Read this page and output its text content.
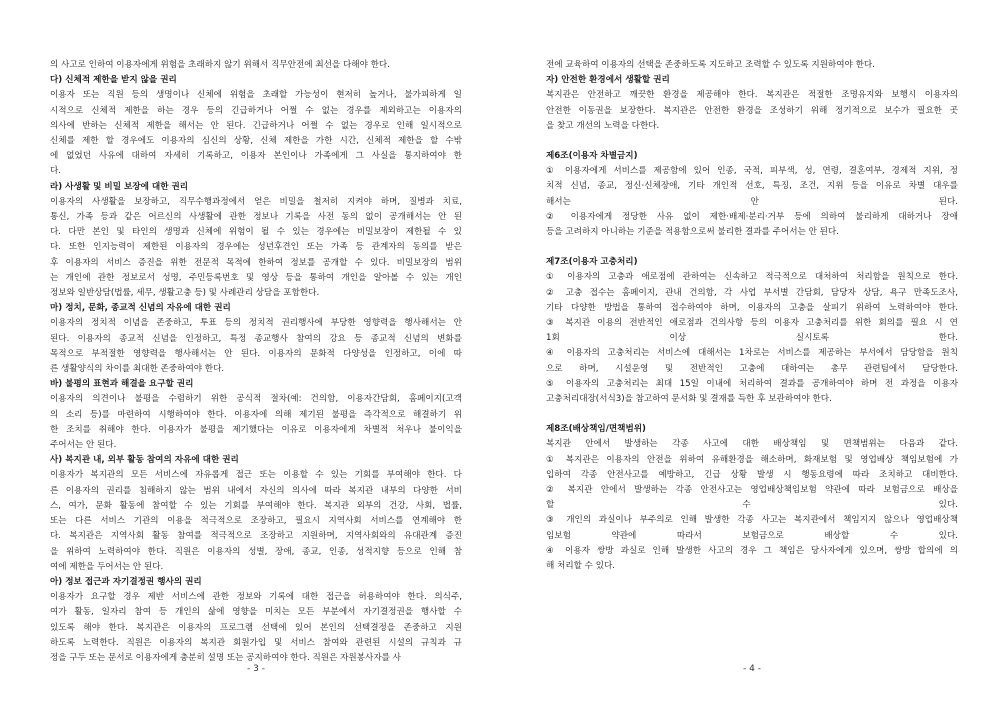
의 사고로 인하여 이용자에게 위험을 초래하지 않기 위해서 직무안전에 최선을 다해야 한다.
다) 신체적 제한을 받지 않을 권리
이용자 또는 직원 등의 생명이나 신체에 위험을 초래할 가능성이 현저히 높거나, 불가피하게 일
시적으로 신체적 제한을 하는 경우 등의 긴급하거나 어쩔 수 없는 경우를 제외하고는 이용자의
의사에 반하는 신체적 제한을 해서는 안 된다. 긴급하거나 어쩔 수 없는 경우로 인해 일시적으로
신체를 제한 할 경우에도 이용자의 심신의 상황, 신체 제한을 가한 시간, 신체적 제한을 할 수밖
에 없었던 사유에 대하여 자세히 기록하고, 이용자 본인이나 가족에게 그 사실을 통지하여야 한
다.
라) 사생활 및 비밀 보장에 대한 권리
이용자의 사생활을 보장하고, 직무수행과정에서 얻은 비밀을 철저히 지켜야 하며, 질병과 치료,
통신, 가족 등과 같은 어르신의 사생활에 관한 정보나 기록을 사전 동의 없이 공개해서는 안 된
다. 다만 본인 및 타인의 생명과 신체에 위험이 될 수 있는 경우에는 비밀보장이 제한될 수 있
다. 또한 인지능력이 제한된 이용자의 경우에는 성년후견인 또는 가족 등 관계자의 동의를 받은
후 이용자의 서비스 증진을 위한 전문적 목적에 한하여 정보를 공개할 수 있다. 비밀보장의 범위
는 개인에 관한 정보로서 성명, 주민등록번호 및 영상 등을 통하여 개인을 알아볼 수 있는 개인
정보와 일반상담(법률, 세무, 생활고충 등) 및 사례관리 상담을 포함한다.
마) 정치, 문화, 종교적 신념의 자유에 대한 권리
이용자의 정치적 이념을 존중하고, 투표 등의 정치적 권리행사에 부당한 영향력을 행사해서는 안
된다. 이용자의 종교적 신념을 인정하고, 특정 종교행사 참여의 강요 등 종교적 신념의 변화를
목적으로 부적절한 영향력을 행사해서는 안 된다. 이용자의 문화적 다양성을 인정하고, 이에 따
른 생활양식의 차이를 최대한 존중하여야 한다.
바) 불평의 표현과 해결을 요구할 권리
이용자의 의견이나 불평을 수렴하기 위한 공식적 절차(예: 건의함, 이용자간담회, 홈페이지(고객
의 소리 등)를 마련하여 시행하여야 한다. 이용자에 의해 제기된 불평을 즉각적으로 해결하기 위
한 조치를 취해야 한다. 이용자가 불평을 제기했다는 이유로 이용자에게 차별적 처우나 불이익을
주어서는 안 된다.
사) 복지관 내, 외부 활동 참여의 자유에 대한 권리
이용자가 복지관의 모든 서비스에 자유롭게 접근 또는 이용할 수 있는 기회를 부여해야 한다. 다
른 이용자의 권리를 침해하지 않는 범위 내에서 자신의 의사에 따라 복지관 내부의 다양한 서비
스, 여가, 문화 활동에 참여할 수 있는 기회를 부여해야 한다. 복지관 외부의 건강, 사회, 법률,
또는 다른 서비스 기관의 이용을 적극적으로 조장하고, 필요시 지역사회 서비스를 연계해야 한
다. 복지관은 지역사회 활동 참여를 적극적으로 조장하고 지원하며, 지역사회와의 유대관계 증진
을 위하여 노력하여야 한다. 직원은 이용자의 성별, 장애, 종교, 인종, 성적지향 등으로 인해 참
여에 제한을 두어서는 안 된다.
아) 정보 접근과 자기결정권 행사의 권리
이용자가 요구할 경우 제반 서비스에 관한 정보와 기록에 대한 접근을 허용하여야 한다. 의식주,
여가 활동, 일자리 참여 등 개인의 삶에 영향을 미치는 모든 부분에서 자기결정권을 행사할 수
있도록 해야 한다. 복지관은 이용자의 프로그램 선택에 있어 본인의 선택결정을 존중하고 지원
하도록 노력한다. 직원은 이용자의 복지관 회원가입 및 서비스 참여와 관련된 시설의 규칙과 규
정을 구두 또는 문서로 이용자에게 충분히 설명 또는 공지하여야 한다. 직원은 자원봉사자를 사
전에 교육하여 이용자의 선택을 존중하도록 지도하고 조력할 수 있도록 지원하여야 한다.
자) 안전한 환경에서 생활할 권리
복지관은 안전하고 깨끗한 환경을 제공해야 한다. 복지관은 적절한 조명유지와 보행시 이용자의
안전한 이동권을 보장한다. 복지관은 안전한 환경을 조성하기 위해 정기적으로 보수가 필요한 곳
을 찾고 개선의 노력을 다한다.
제6조(이용자 차별금지)
① 이용자에게 서비스를 제공함에 있어 인종, 국적, 피부색, 성, 연령, 결혼여부, 경제적 지위, 정
치적 신념, 종교, 정신·신체장애, 기타 개인적 선호, 특징, 조건, 지위 등을 이유로 차별 대우를
해서는 안 된다.
② 이용자에게 정당한 사유 없이 제한·배제·분리·거부 등에 의하여 불리하게 대하거나 장애
등을 고려하지 아니하는 기준을 적용함으로써 불리한 결과를 주어서는 안 된다.
제7조(이용자 고충처리)
① 이용자의 고충과 애로점에 관하여는 신속하고 적극적으로 대처하여 처리함을 원칙으로 한다.
② 고충 접수는 홈페이지, 관내 건의함, 각 사업 부서별 간담회, 담당자 상담, 욕구 만족도조사,
기타 다양한 방법을 통하여 접수하여야 하며, 이용자의 고충을 살피기 위하여 노력하여야 한다.
③ 복지관 이용의 전반적인 애로점과 건의사항 등의 이용자 고충처리를 위한 회의를 필요 시 연
1회 이상 실시토록 한다.
④ 이용자의 고충처리는 서비스에 대해서는 1차로는 서비스를 제공하는 부서에서 담당함을 원칙
으로 하며, 시설운영 및 전반적인 고충에 대하여는 총무 관련팀에서 담당한다.
⑤ 이용자의 고충처리는 최대 15일 이내에 처리하여 결과를 공개하여야 하며 전 과정을 이용자
고충처리대장(서식3)을 참고하여 문서화 및 결재를 득한 후 보관하여야 한다.
제8조(배상책임/면책범위)
복지관 안에서 발생하는 각종 사고에 대한 배상책임 및 면책범위는 다음과 같다.
① 복지관은 이용자의 안전을 위하여 유해환경을 해소하며, 화재보험 및 영업배상 책임보험에 가
입하여 각종 안전사고를 예방하고, 긴급 상황 발생 시 행동요령에 따라 조치하고 대비한다.
② 복지관 안에서 발생하는 각종 안전사고는 영업배상책임보험 약관에 따라 보험금으로 배상을
할 수 있다.
③ 개인의 과실이나 부주의로 인해 발생한 각종 사고는 복지관에서 책임지지 않으나 영업배상책
임보험 약관에 따라서 보험금으로 배상할 수 있다.
④ 이용자 쌍방 과실로 인해 발생한 사고의 경우 그 책임은 당사자에게 있으며, 쌍방 합의에 의
해 처리할 수 있다.
- 3 -	- 4 -
